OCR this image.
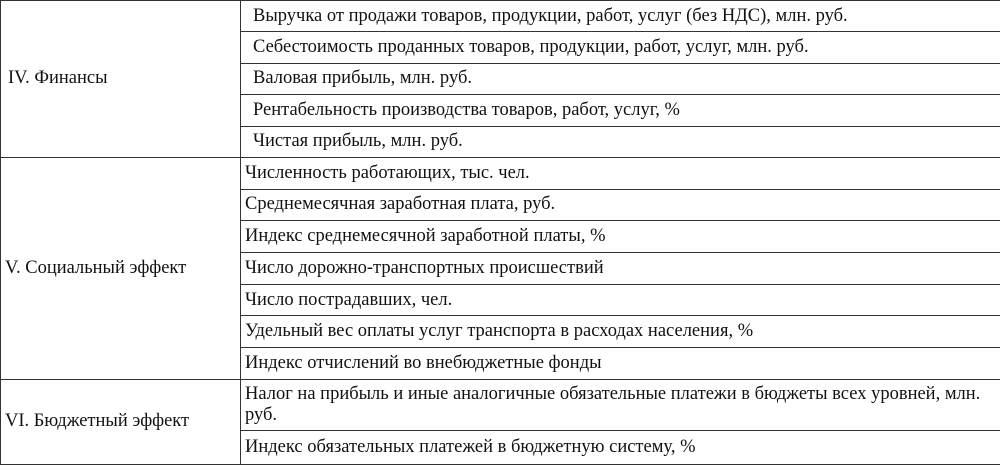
IV. Финансы	Выручка от продажи товаров, продукции, работ, услуг (без НДС), млн. руб.
	Себестоимость проданных товаров, продукции, работ, услуг, млн. руб.
	Валовая прибыль, млн. руб.
	Рентабельность производства товаров, работ, услуг, %
	Чистая прибыль, млн. руб.
V. Социальный эффект	Численность работающих, тыс. чел.
	Среднемесячная заработная плата, руб.
	Индекс среднемесячной заработной платы, %
	Число дорожно-транспортных происшествий
	Число пострадавших, чел.
	Удельный вес оплаты услуг транспорта в расходах населения, %
	Индекс отчислений во внебюджетные фонды
VI. Бюджетный эффект	Налог на прибыль и иные аналогичные обязательные платежи в бюджеты всех уровней, млн. руб.
	Индекс обязательных платежей в бюджетную систему, %
